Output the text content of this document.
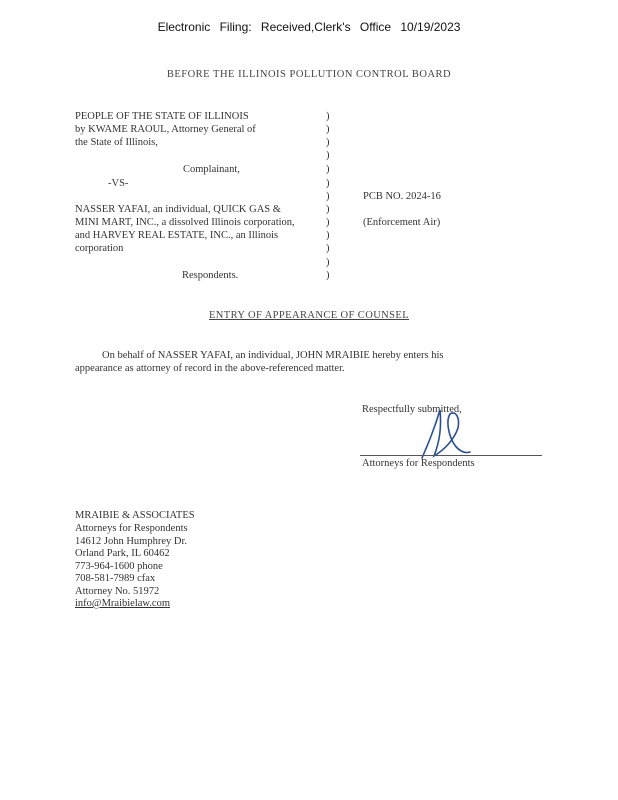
Electronic Filing: Received,Clerk's Office 10/19/2023
BEFORE THE ILLINOIS POLLUTION CONTROL BOARD
PEOPLE OF THE STATE OF ILLINOIS
by KWAME RAOUL, Attorney General of
the State of Illinois,
Complainant,
-VS-
NASSER YAFAI, an individual, QUICK GAS &
MINI MART, INC., a dissolved Illinois corporation,
and HARVEY REAL ESTATE, INC., an Illinois
corporation
Respondents.
)
)
)
)
)
)
)
)
)
)
)
)
)
PCB NO. 2024-16
(Enforcement Air)
ENTRY OF APPEARANCE OF COUNSEL
On behalf of NASSER YAFAI, an individual, JOHN MRAIBIE hereby enters his
appearance as attorney of record in the above-referenced matter.
Respectfully submitted,
Attorneys for Respondents
MRAIBIE & ASSOCIATES
Attorneys for Respondents
14612 John Humphrey Dr.
Orland Park, IL 60462
773-964-1600 phone
708-581-7989 cfax
Attorney No. 51972
info@Mraibielaw.com
